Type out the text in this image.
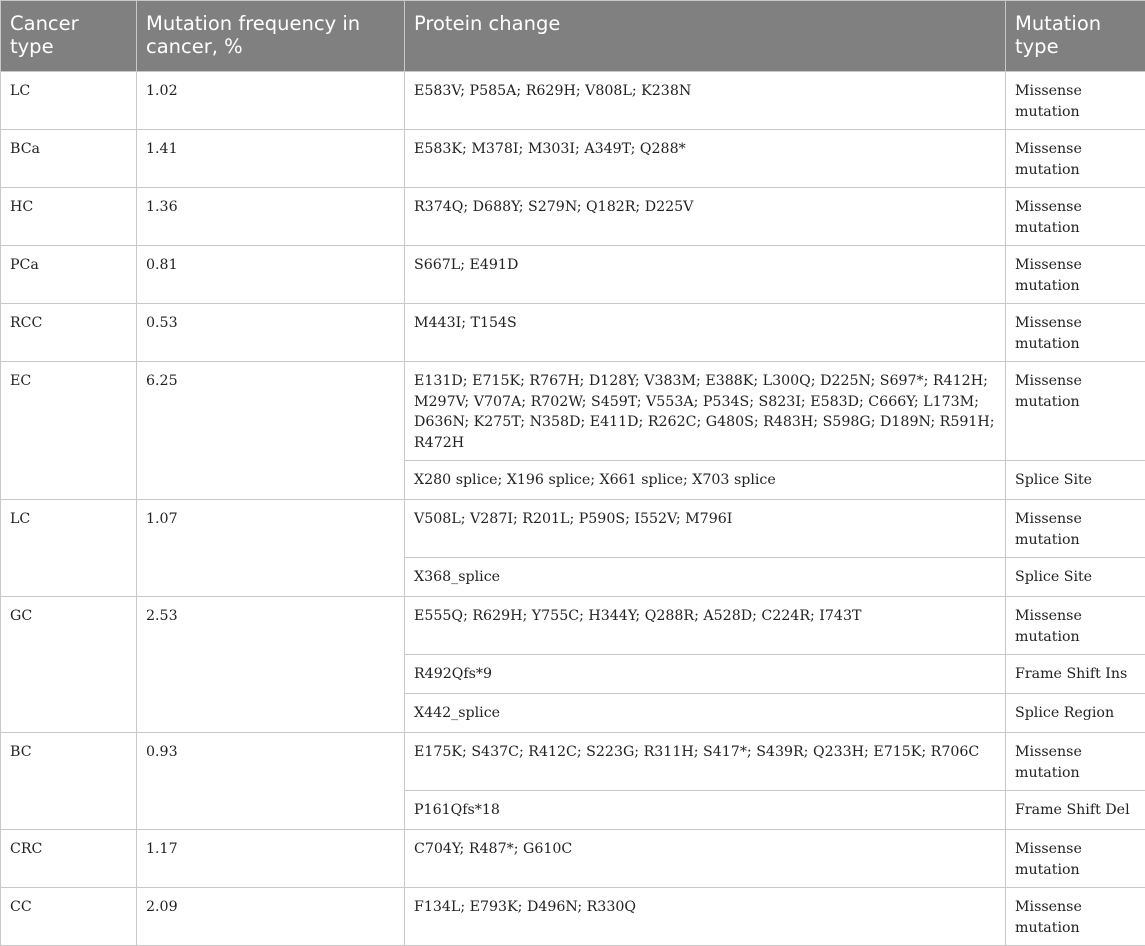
Cancer type	Mutation frequency in cancer, %	Protein change	Mutation type
LC	1.02	E583V; P585A; R629H; V808L; K238N	Missense mutation
BCa	1.41	E583K; M378I; M303I; A349T; Q288*	Missense mutation
HC	1.36	R374Q; D688Y; S279N; Q182R; D225V	Missense mutation
PCa	0.81	S667L; E491D	Missense mutation
RCC	0.53	M443I; T154S	Missense mutation
EC	6.25	E131D; E715K; R767H; D128Y; V383M; E388K; L300Q; D225N; S697*; R412H; M297V; V707A; R702W; S459T; V553A; P534S; S823I; E583D; C666Y; L173M; D636N; K275T; N358D; E411D; R262C; G480S; R483H; S598G; D189N; R591H; R472H	Missense mutation
		X280 splice; X196 splice; X661 splice; X703 splice	Splice Site
LC	1.07	V508L; V287I; R201L; P590S; I552V; M796I	Missense mutation
		X368_splice	Splice Site
GC	2.53	E555Q; R629H; Y755C; H344Y; Q288R; A528D; C224R; I743T	Missense mutation
		R492Qfs*9	Frame Shift Ins
		X442_splice	Splice Region
BC	0.93	E175K; S437C; R412C; S223G; R311H; S417*; S439R; Q233H; E715K; R706C	Missense mutation
		P161Qfs*18	Frame Shift Del
CRC	1.17	C704Y; R487*; G610C	Missense mutation
CC	2.09	F134L; E793K; D496N; R330Q	Missense mutation
